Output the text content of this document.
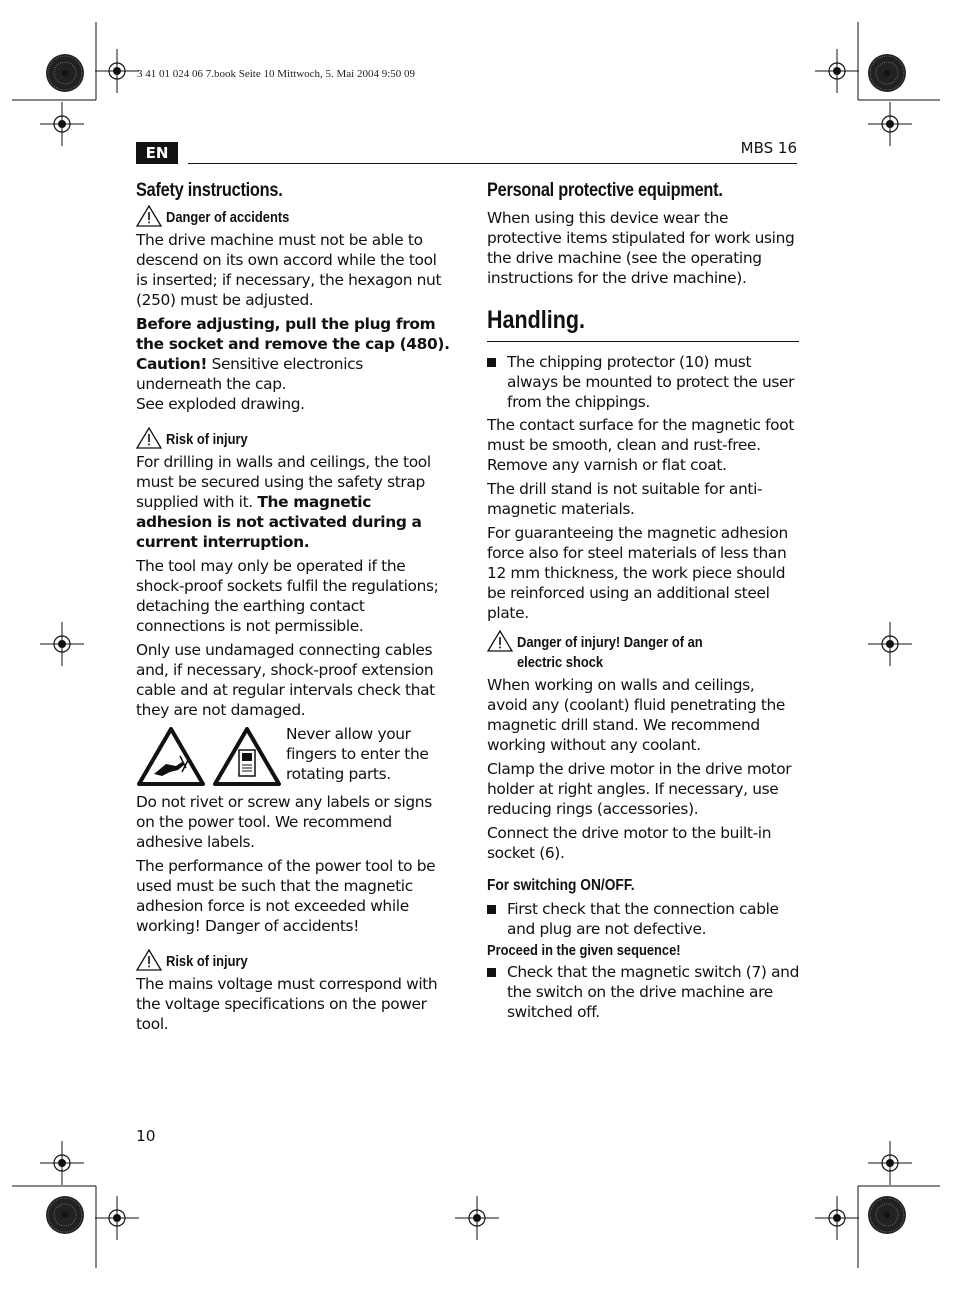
3 41 01 024 06 7.book Seite 10 Mittwoch, 5. Mai 2004 9:50 09
EN	MBS 16
Safety instructions.
Danger of accidents

The drive machine must not be able to descend on its own accord while the tool is inserted; if necessary, the hexagon nut (250) must be adjusted.

Before adjusting, pull the plug from the socket and remove the cap (480).

Caution! Sensitive electronics underneath the cap.

See exploded drawing.

Risk of injury

For drilling in walls and ceilings, the tool must be secured using the safety strap supplied with it. The magnetic adhesion is not activated during a current interruption.

The tool may only be operated if the shock-proof sockets fulfil the regulations; detaching the earthing contact connections is not permissible.

Only use undamaged connecting cables and, if necessary, shock-proof extension cable and at regular intervals check that they are not damaged.

Never allow your fingers to enter the rotating parts.

Do not rivet or screw any labels or signs on the power tool. We recommend adhesive labels.

The performance of the power tool to be used must be such that the magnetic adhesion force is not exceeded while working! Danger of accidents!

Risk of injury

The mains voltage must correspond with the voltage specifications on the power tool.

Personal protective equipment.

When using this device wear the protective items stipulated for work using the drive machine (see the operating instructions for the drive machine).

Handling.
The chipping protector (10) must always be mounted to protect the user from the chippings.

The contact surface for the magnetic foot must be smooth, clean and rust-free. Remove any varnish or flat coat.

The drill stand is not suitable for anti-magnetic materials.

For guaranteeing the magnetic adhesion force also for steel materials of less than 12 mm thickness, the work piece should be reinforced using an additional steel plate.

Danger of injury! Danger of an
electric shock

When working on walls and ceilings, avoid any (coolant) fluid penetrating the magnetic drill stand. We recommend working without any coolant.

Clamp the drive motor in the drive motor holder at right angles. If necessary, use reducing rings (accessories).

Connect the drive motor to the built-in socket (6).

For switching ON/OFF.
First check that the connection cable and plug are not defective.
Proceed in the given sequence!
Check that the magnetic switch (7) and the switch on the drive machine are switched off.
10
